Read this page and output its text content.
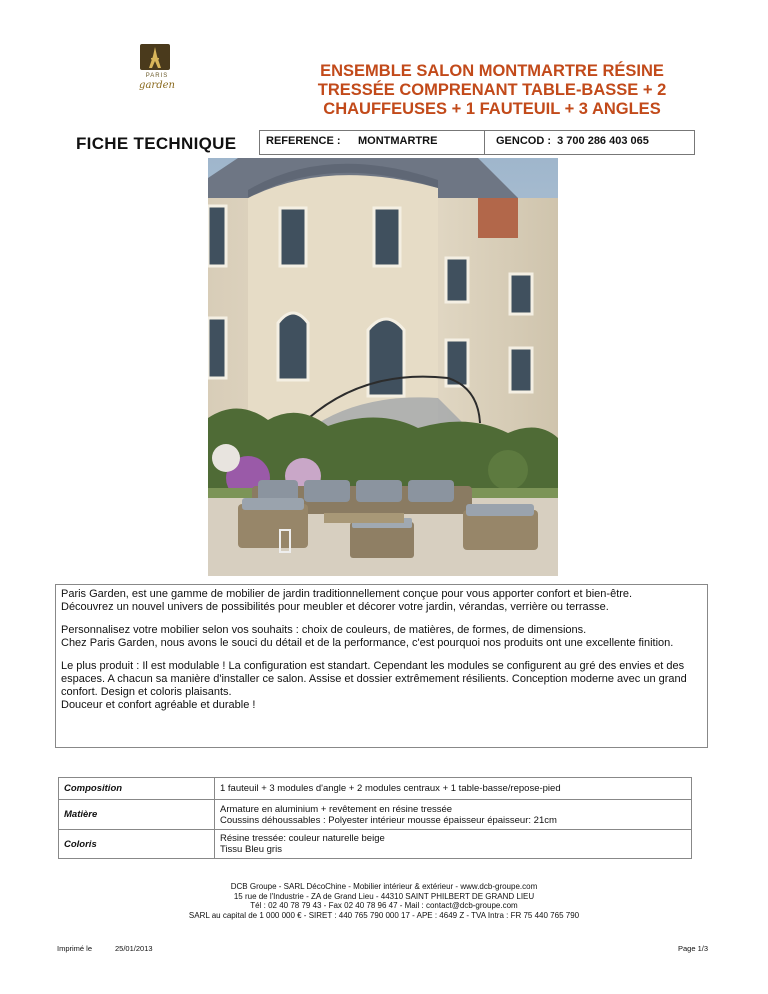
PARIS
garden
ENSEMBLE SALON MONTMARTRE RÉSINE
TRESSÉE COMPRENANT TABLE-BASSE + 2
CHAUFFEUSES + 1 FAUTEUIL + 3 ANGLES
FICHE TECHNIQUE	REFERENCE : MONTMARTRE	GENCOD :  3 700 286 403 065

Paris Garden, est une gamme de mobilier de jardin traditionnellement conçue pour vous apporter confort et bien-être.
Découvrez un nouvel univers de possibilités pour meubler et décorer votre jardin, vérandas, verrière ou terrasse.

Personnalisez votre mobilier selon vos souhaits : choix de couleurs, de matières, de formes, de dimensions.
Chez Paris Garden, nous avons le souci du détail et de la performance, c'est pourquoi nos produits ont une excellente finition.

Le plus produit : Il est modulable ! La configuration est standart. Cependant les modules se configurent au gré des envies et des espaces. A chacun sa manière d'installer ce salon. Assise et dossier extrêmement résilients. Conception moderne avec un grand confort. Design et coloris plaisants.
Douceur et confort agréable et durable !

Composition	1 fauteuil + 3 modules d'angle + 2 modules centraux + 1 table-basse/repose-pied

Matière	Armature en aluminium + revêtement en résine tressée
Coussins déhoussables : Polyester intérieur mousse épaisseur épaisseur: 21cm

Coloris	Résine tressée: couleur naturelle beige
Tissu Bleu gris
DCB Groupe - SARL DécoChine - Mobilier intérieur & extérieur - www.dcb-groupe.com
15 rue de l'Industrie - ZA de Grand Lieu - 44310 SAINT PHILBERT DE GRAND LIEU
Tél : 02 40 78 79 43 - Fax 02 40 78 96 47 - Mail : contact@dcb-groupe.com
SARL au capital de 1 000 000 € - SIRET : 440 765 790 000 17 - APE : 4649 Z - TVA Intra : FR 75 440 765 790
Imprimé le	25/01/2013	Page 1/3
